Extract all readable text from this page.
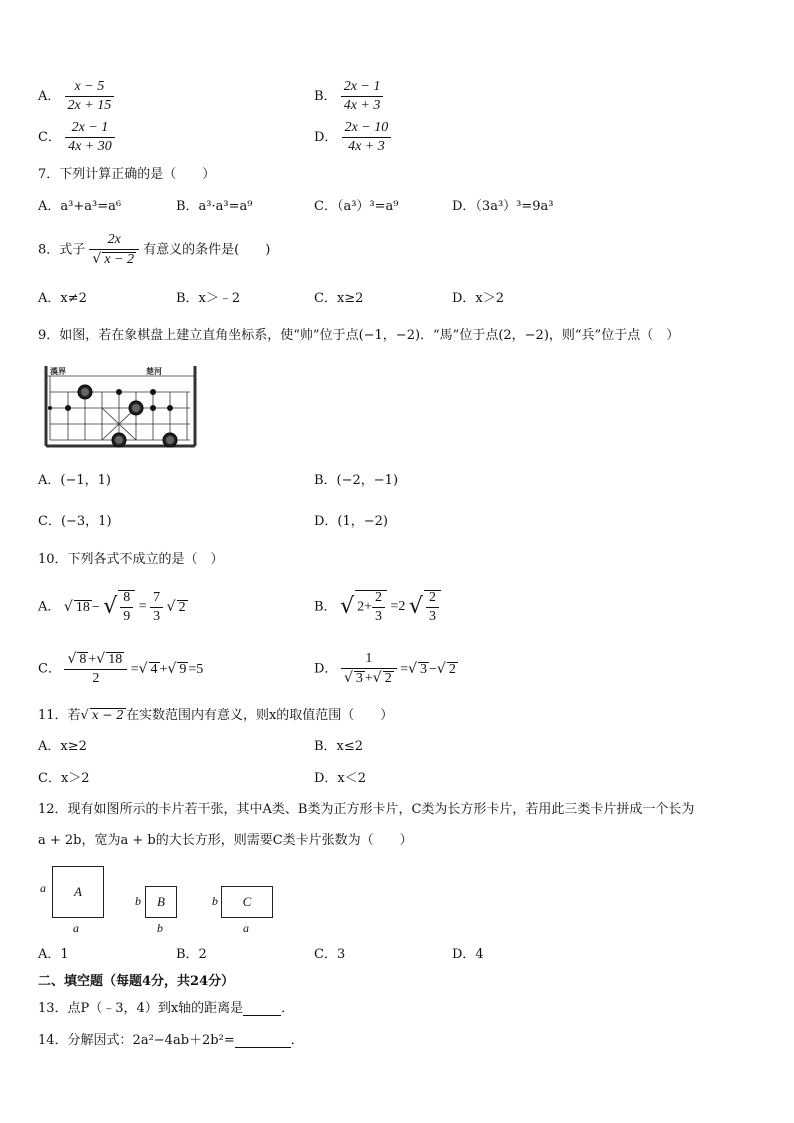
A． $\frac{x - 5}{2x + 15}$	B． $\frac{2x - 1}{4x + 3}$
C． $\frac{2x - 1}{4x + 30}$	D． $\frac{2x - 10}{4x + 3}$
7．下列计算正确的是（　　）
A．a³+a³=a⁶	B．a³·a³=a⁹	C．（a³）³=a⁹	D．（3a³）³=9a³
8．式子 $\frac{2x}{√ x - 2}$ 有意义的条件是(　　)
A．x≠2	B．x＞﹣2	C．x≥2	D．x＞2
9．如图，若在象棋盘上建立直角坐标系，使“帅”位于点(−1，−2)．“馬”位于点(2，−2)，则“兵”位于点（　）
漢界	楚河
A．(−1，1)	B．(−2，−1)
C．(−3，1)	D．(1，−2)
10．下列各式不成立的是（　）
A． √ 18 − √ $\frac{8}{9} = \frac{7}{3}$ √ 2	B． √ $2+ \frac{2}{3} =2$ √ $\frac{2}{3}$
C． $\frac{√ 8 +√ 18}{2}$ =√ 4 +√ 9 =5	D． $\frac{1}{√ 3 +√ 2}$ =√ 3 −√ 2
11．若√ x − 2 在实数范围内有意义，则x的取值范围（　　）
A．x≥2	B．x≤2
C．x＞2	D．x＜2
12．现有如图所示的卡片若干张，其中A类、B类为正方形卡片，C类为长方形卡片，若用此三类卡片拼成一个长为
a + 2b，宽为a + b的大长方形，则需要C类卡片张数为（　　）
a	A
a
b	B
b
b	C
a
A．1	B．2	C．3	D．4
二、填空题（每题4分，共24分）
13．点P（﹣3，4）到x轴的距离是	．
14．分解因式：2a²−4ab＋2b²=	．
